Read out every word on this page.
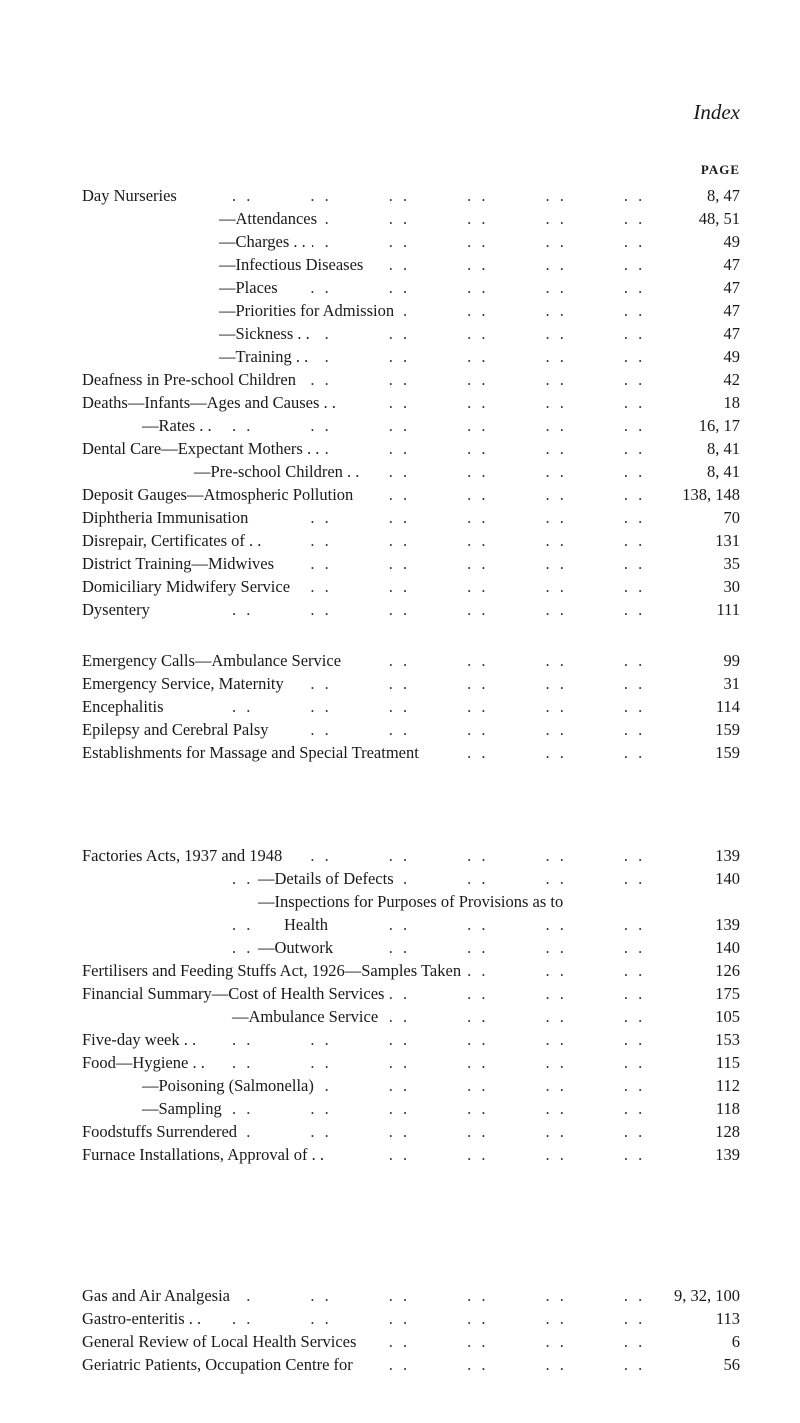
Index
PAGE
Day Nurseries . .	8, 47
—Attendances . .	48, 51
—Charges . . . .	49
—Infectious Diseases . .	47
—Places . .	47
—Priorities for Admission . .	47
—Sickness . . . .	47
—Training . . . .	49
Deafness in Pre-school Children . .	42
Deaths—Infants—Ages and Causes . . . .	18
—Rates . . . .	16, 17
Dental Care—Expectant Mothers . . . .	8, 41
—Pre-school Children . . . .	8, 41
Deposit Gauges—Atmospheric Pollution . .	138, 148
Diphtheria Immunisation . .	70
Disrepair, Certificates of . . . .	131
District Training—Midwives . .	35
Domiciliary Midwifery Service . .	30
Dysentery . .	111
Emergency Calls—Ambulance Service . .	99
Emergency Service, Maternity . .	31
Encephalitis . .	114
Epilepsy and Cerebral Palsy . .	159
Establishments for Massage and Special Treatment . .	159
Factories Acts, 1937 and 1948 . .	139
—Details of Defects . .	140
—Inspections for Purposes of Provisions as to
Health . .	139
—Outwork . .	140
Fertilisers and Feeding Stuffs Act, 1926—Samples Taken . .	126
Financial Summary—Cost of Health Services . .	175
—Ambulance Service . .	105
Five-day week . . . .	153
Food—Hygiene . . . .	115
—Poisoning (Salmonella) . .	112
—Sampling . .	118
Foodstuffs Surrendered . .	128
Furnace Installations, Approval of . . . .	139
Gas and Air Analgesia . .	9, 32, 100
Gastro-enteritis . . . .	113
General Review of Local Health Services . .	6
Geriatric Patients, Occupation Centre for . .	56
